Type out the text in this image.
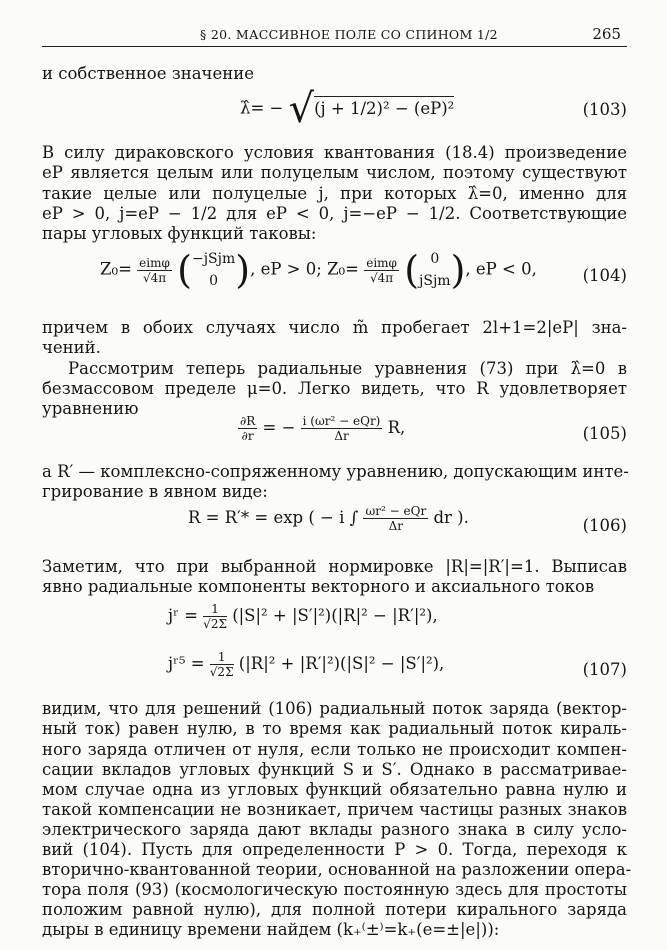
§ 20. МАССИВНОЕ ПОЛЕ СО СПИНОМ 1/2	265
и собственное значение
λ̂= − √(j + 1/2)² − (eP)²	(103)
В силу дираковского условия квантования (18.4) произведение
eP является целым или полуцелым числом, поэтому существуют
такие целые или полуцелые j, при которых λ̂=0, именно для
eP > 0, j=eP − 1/2 для eP < 0, j=−eP − 1/2. Соответствующие
пары угловых функций таковы:
$Z_0= \frac{\text{eimφ}}{√4\pi}$ (−jSjm
0 ), eP > 0; $Z_0= \frac{\text{eimφ}}{√4\pi}$ ( 0
jSjm), eP < 0,	(104)
причем в обоих случаях число m̃ пробегает 2l+1=2|eP| зна-
чений.
Рассмотрим теперь радиальные уравнения (73) при λ̂=0 в
безмассовом пределе μ=0. Легко видеть, что R удовлетворяет
уравнению
$\frac{\partial R}{\partial r}$ = − $\frac{\text{i (ωr² − eQr)}}{\Delta r} R$,	(105)
a R′ — комплексно-сопряженному уравнению, допускающим инте-
грирование в явном виде:
R = R′* = exp ( − i ∫ $\frac{\text{ωr² − eQr}}{\Delta r}$ dr ).	(106)
Заметим, что при выбранной нормировке |R|=|R′|=1. Выписав
явно радиальные компоненты векторного и аксиального токов
jʳ = $\frac{1}{√2\Sigma} (|S|^2 + |S'|^2)(|R|^2 - |R'|^2)$,
jʳ⁵ = $\frac{1}{√2\Sigma} (|R|^2 + |R'|^2)(|S|^2 - |S'|^2)$,	(107)
видим, что для решений (106) радиальный поток заряда (вектор-
ный ток) равен нулю, в то время как радиальный поток кираль-
ного заряда отличен от нуля, если только не происходит компен-
сации вкладов угловых функций S и S′. Однако в рассматривае-
мом случае одна из угловых функций обязательно равна нулю и
такой компенсации не возникает, причем частицы разных знаков
электрического заряда дают вклады разного знака в силу усло-
вий (104). Пусть для определенности P > 0. Тогда, переходя к
вторично-квантованной теории, основанной на разложении опера-
тора поля (93) (космологическую постоянную здесь для простоты
положим равной нулю), для полной потери кирального заряда
дыры в единицу времени найдем (k₊⁽±⁾=k₊(e=±|e|)):
